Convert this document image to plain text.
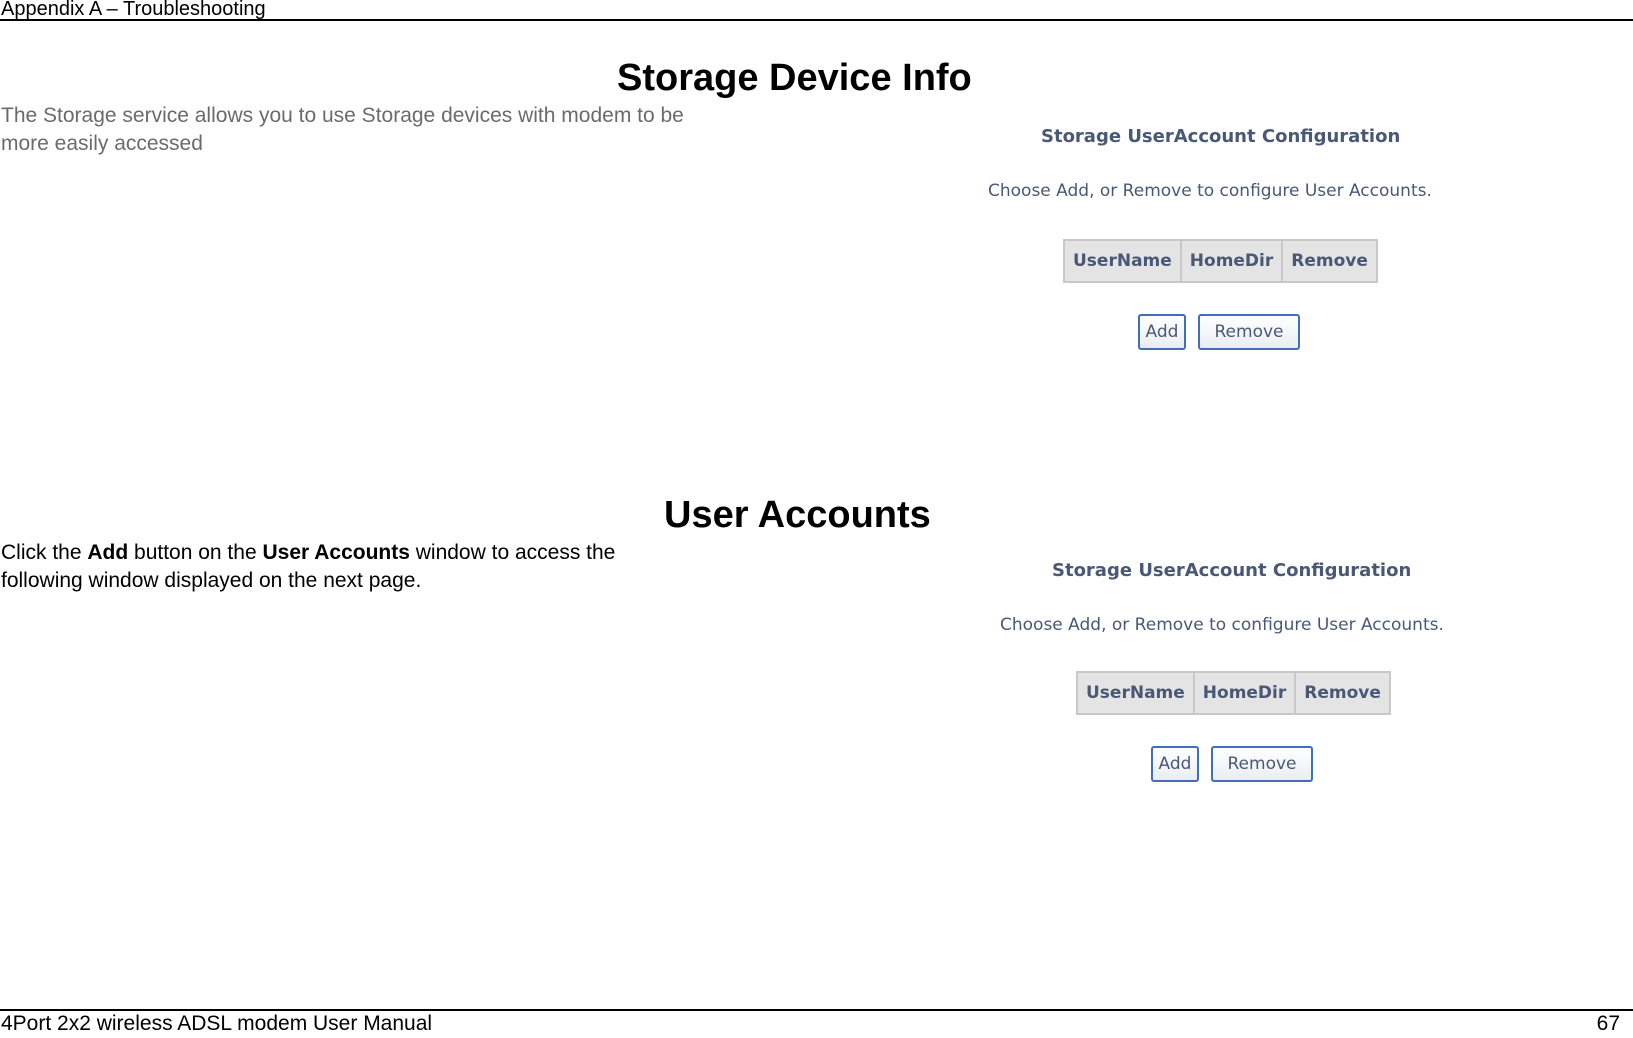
Appendix A – Troubleshooting
Storage Device Info
The Storage service allows you to use Storage devices with modem to be
more easily accessed	Storage UserAccount Configuration
Choose Add, or Remove to configure User Accounts.
UserName	HomeDir	Remove
Add	Remove
User Accounts
Click the Add button on the User Accounts window to access the
following window displayed on the next page.	Storage UserAccount Configuration
Choose Add, or Remove to configure User Accounts.
UserName	HomeDir	Remove
Add	Remove
4Port 2x2 wireless ADSL modem User Manual	67
